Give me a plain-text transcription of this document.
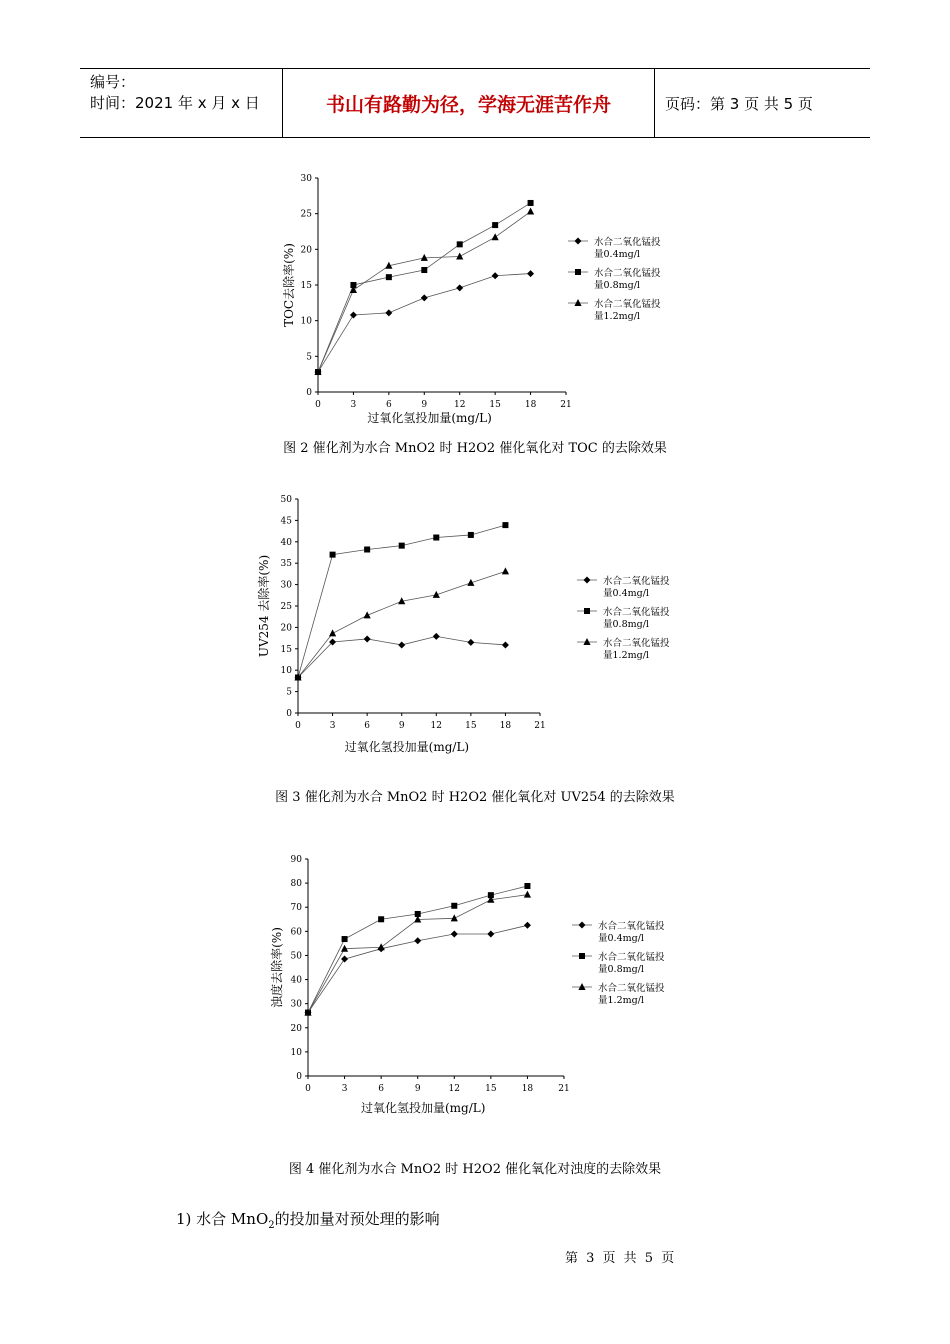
编号：
时间：2021 年 x 月 x 日	书山有路勤为径，学海无涯苦作舟	页码：第 3 页 共 5 页
0	3	6	9	12	15	18	21
0
5
10
15
20
25
30
过氧化氢投加量(mg/L)
TOC去除率(%)
水合二氧化锰投
量0.4mg/l
水合二氧化锰投
量0.8mg/l
水合二氧化锰投
量1.2mg/l
图 2 催化剂为水合 MnO2 时 H2O2 催化氧化对 TOC 的去除效果
0	3	6	9	12	15	18	21
0
5
10
15
20
25
30
35
40
45
50
过氧化氢投加量(mg/L)
UV254 去除率(%)	水合二氧化锰投
量0.4mg/l
水合二氧化锰投
量0.8mg/l
水合二氧化锰投
量1.2mg/l
图 3 催化剂为水合 MnO2 时 H2O2 催化氧化对 UV254 的去除效果
0	3	6	9	12	15	18	21
0
10
20
30
40
50
60
70
80
90
过氧化氢投加量(mg/L)
浊度去除率(%)
水合二氧化锰投
量0.4mg/l
水合二氧化锰投
量0.8mg/l
水合二氧化锰投
量1.2mg/l
图 4 催化剂为水合 MnO2 时 H2O2 催化氧化对浊度的去除效果
1) 水合 MnO$_2$的投加量对预处理的影响
第 3 页 共 5 页
